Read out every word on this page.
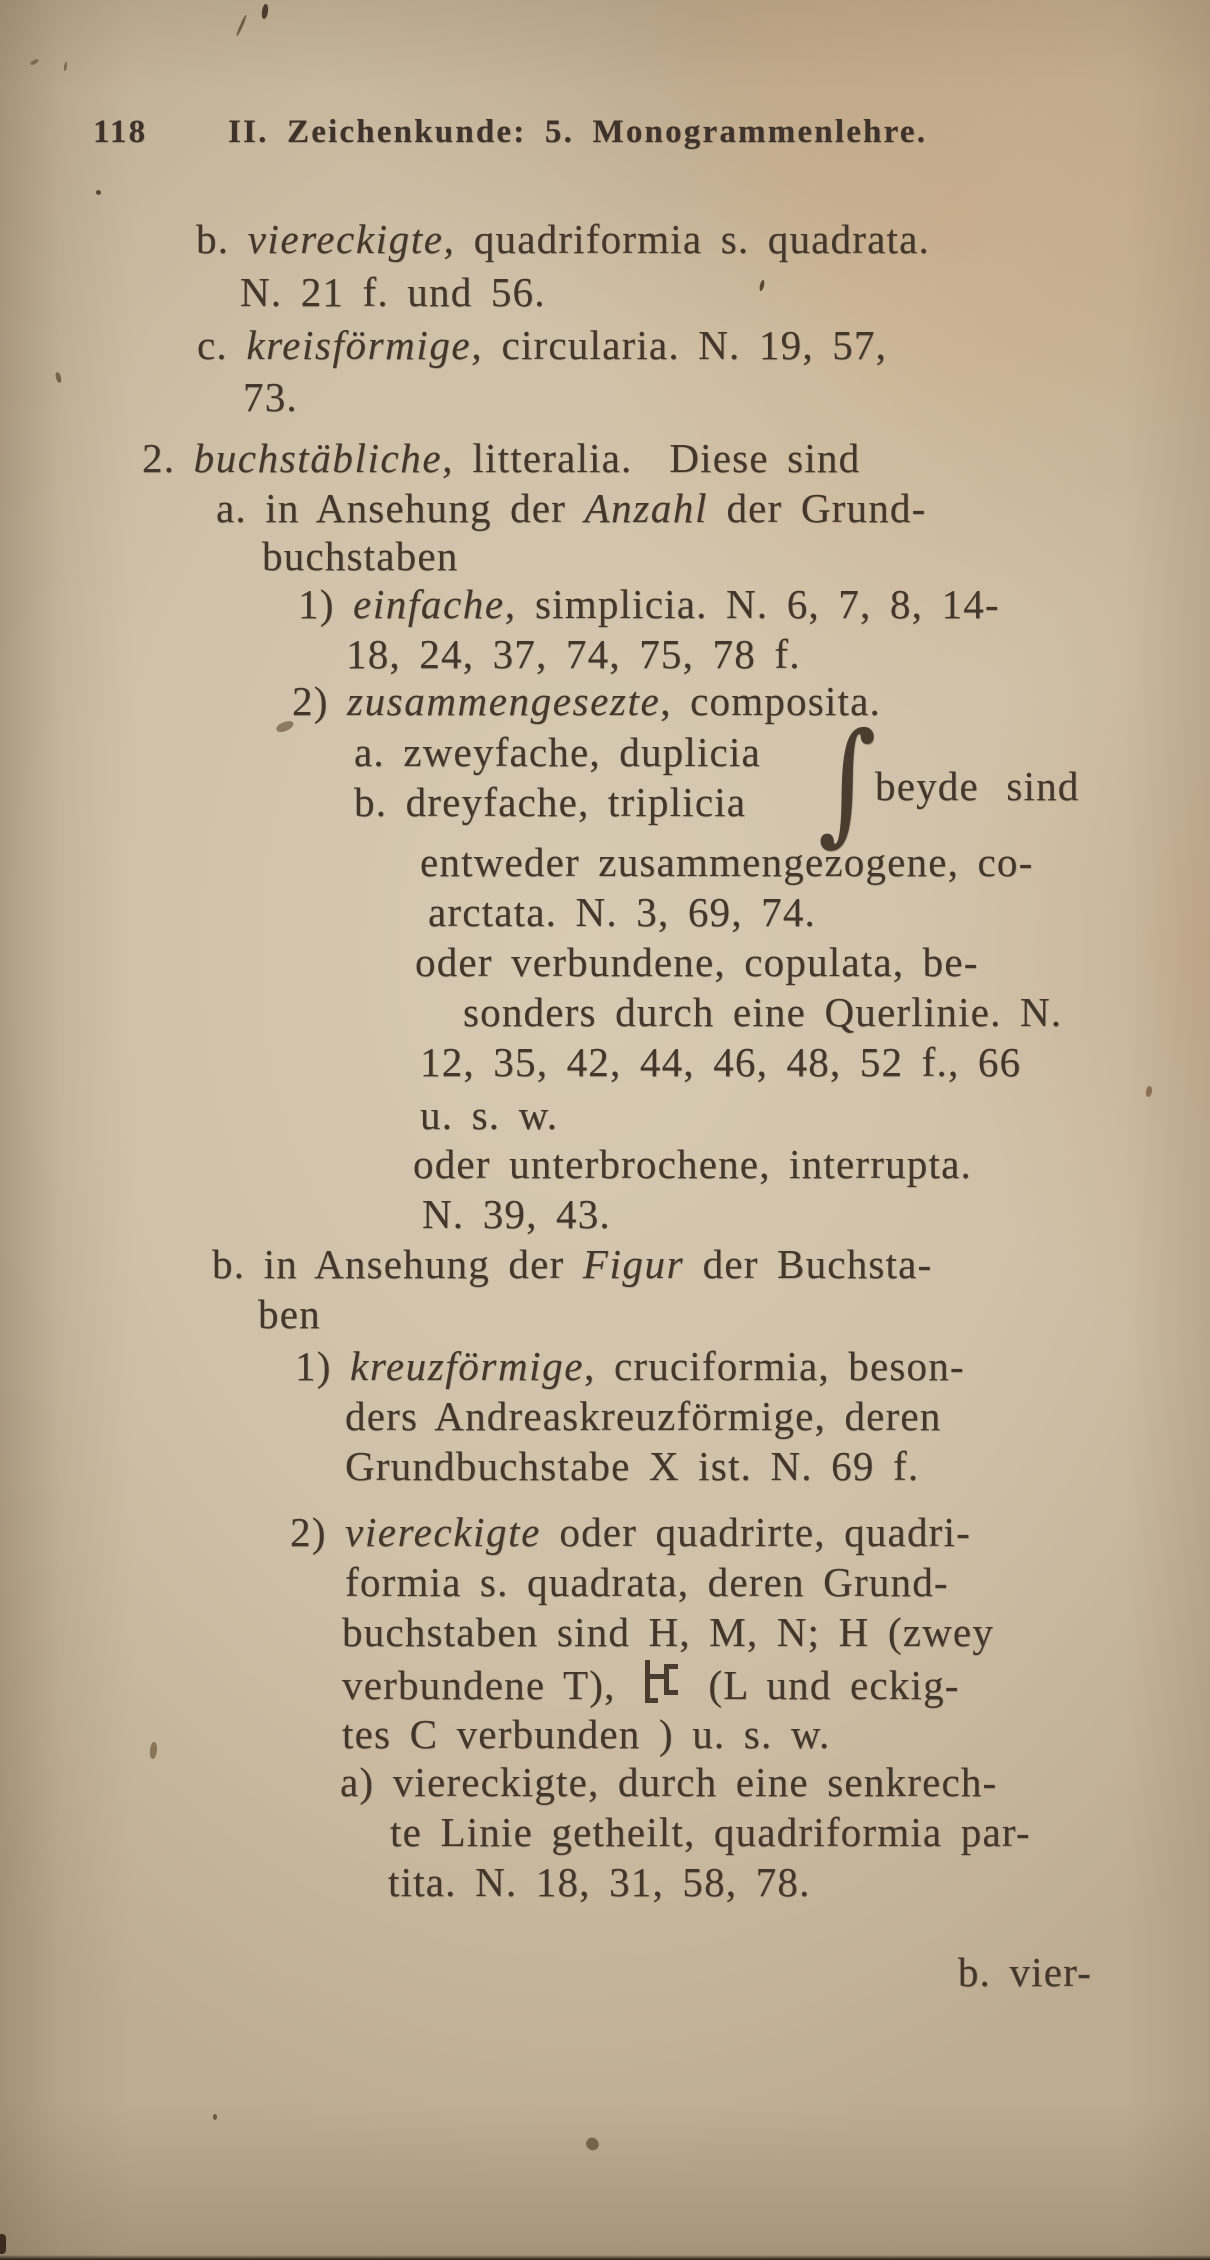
118 II. Zeichenkunde: 5. Monogrammenlehre.
b. viereckigte, quadriformia s. quadrata.
N. 21 f. und 56.
c. kreisförmige, circularia. N. 19, 57,
73.
2. buchstäbliche, litteralia.  Diese sind
a. in Ansehung der Anzahl der Grund-
buchstaben
1) einfache, simplicia. N. 6, 7, 8, 14-
18, 24, 37, 74, 75, 78 f.
2) zusammengesezte, composita.
a. zweyfache, duplicia
b. dreyfache, triplicia
entweder zusammengezogene, co-
arctata. N. 3, 69, 74.
oder verbundene, copulata, be-
sonders durch eine Querlinie. N.
12, 35, 42, 44, 46, 48, 52 f., 66
u. s. w.
oder unterbrochene, interrupta.
N. 39, 43.
b. in Ansehung der Figur der Buchsta-
ben
1) kreuzförmige, cruciformia, beson-
ders Andreaskreuzförmige, deren
Grundbuchstabe X ist. N. 69 f.
2) viereckigte oder quadrirte, quadri-
formia s. quadrata, deren Grund-
buchstaben sind H, M, N; H (zwey
verbundene T),  (L und eckig-
tes C verbunden ) u. s. w.
a) viereckigte, durch eine senkrech-
te Linie getheilt, quadriformia par-
tita. N. 18, 31, 58, 78.
∫
beyde sind
b. vier-
